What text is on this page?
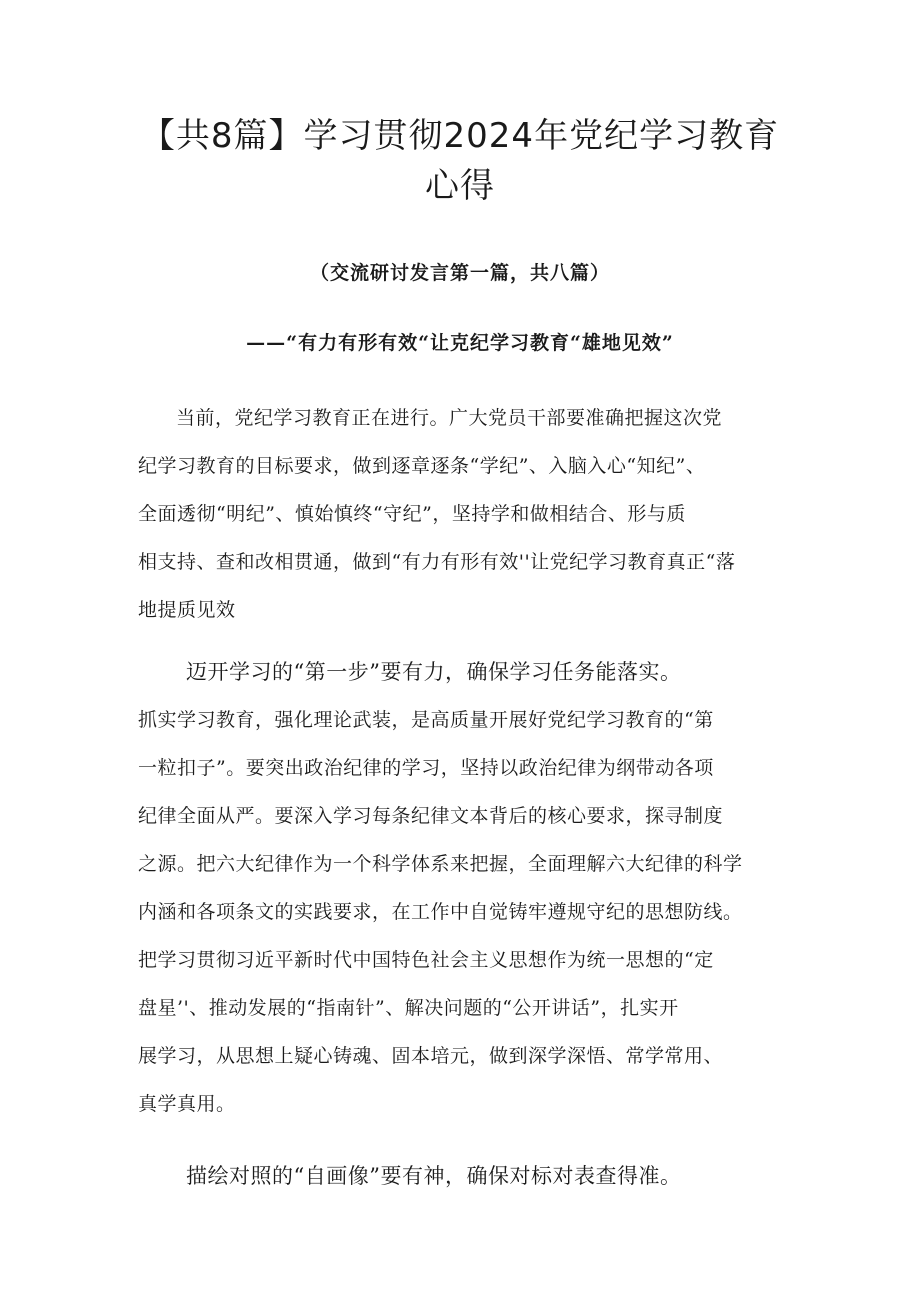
【共8篇】学习贯彻2024年党纪学习教育
心得
（交流研讨发言第一篇，共八篇）
——“有力有形有效“让克纪学习教育“雄地见效”
当前，党纪学习教育正在进行。广大党员干部要准确把握这次党
纪学习教育的目标要求，做到逐章逐条“学纪”、入脑入心“知纪”、
全面透彻“明纪”、慎始慎终“守纪”，坚持学和做相结合、形与质
相支持、查和改相贯通，做到“有力有形有效''让党纪学习教育真正“落
地提质见效
迈开学习的“第一步”要有力，确保学习任务能落实。
抓实学习教育，强化理论武装，是高质量开展好党纪学习教育的“第
一粒扣子”。要突出政治纪律的学习，坚持以政治纪律为纲带动各项
纪律全面从严。要深入学习每条纪律文本背后的核心要求，探寻制度
之源。把六大纪律作为一个科学体系来把握，全面理解六大纪律的科学
内涵和各项条文的实践要求，在工作中自觉铸牢遵规守纪的思想防线。
把学习贯彻习近平新时代中国特色社会主义思想作为统一思想的“定
盘星’'、推动发展的“指南针”、解决问题的“公开讲话”，扎实开
展学习，从思想上疑心铸魂、固本培元，做到深学深悟、常学常用、
真学真用。
描绘对照的“自画像”要有神，确保对标对表查得准。
